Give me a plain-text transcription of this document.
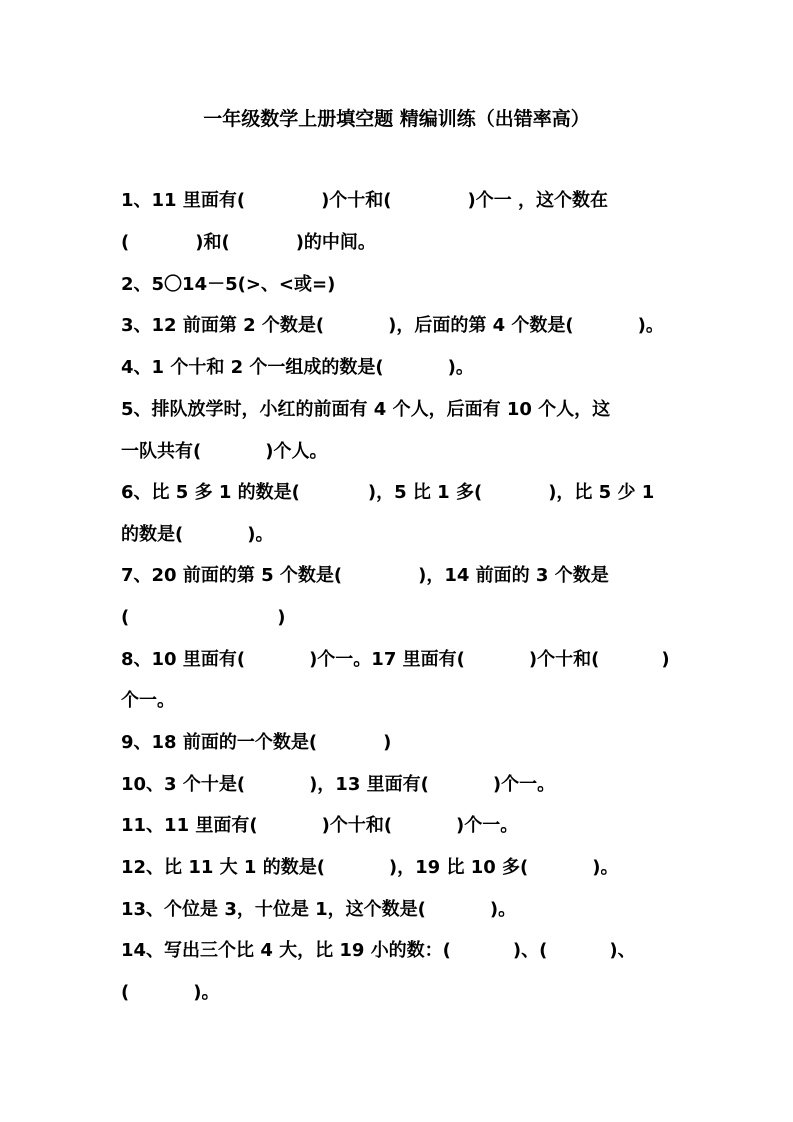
一年级数学上册填空题 精编训练（出错率高）
1、11 里面有(	)个十和(	)个一 ，这个数在
(	)和(	)的中间。
2、5〇14－5(>、<或=)
3、12 前面第 2 个数是(	)，后面的第 4 个数是(	)。
4、1 个十和 2 个一组成的数是(	)。
5、排队放学时，小红的前面有 4 个人，后面有 10 个人，这
一队共有(	)个人。
6、比 5 多 1 的数是(	)，5 比 1 多(	)，比 5 少 1
的数是(	)。
7、20 前面的第 5 个数是(	)，14 前面的 3 个数是
(	)
8、10 里面有(	)个一。17 里面有(	)个十和(	)
个一。
9、18 前面的一个数是(	)
10、3 个十是(	)，13 里面有(	)个一。
11、11 里面有(	)个十和(	)个一。
12、比 11 大 1 的数是(	)，19 比 10 多(	)。
13、个位是 3，十位是 1，这个数是(	)。
14、写出三个比 4 大，比 19 小的数：(	)、(	)、
(	)。
